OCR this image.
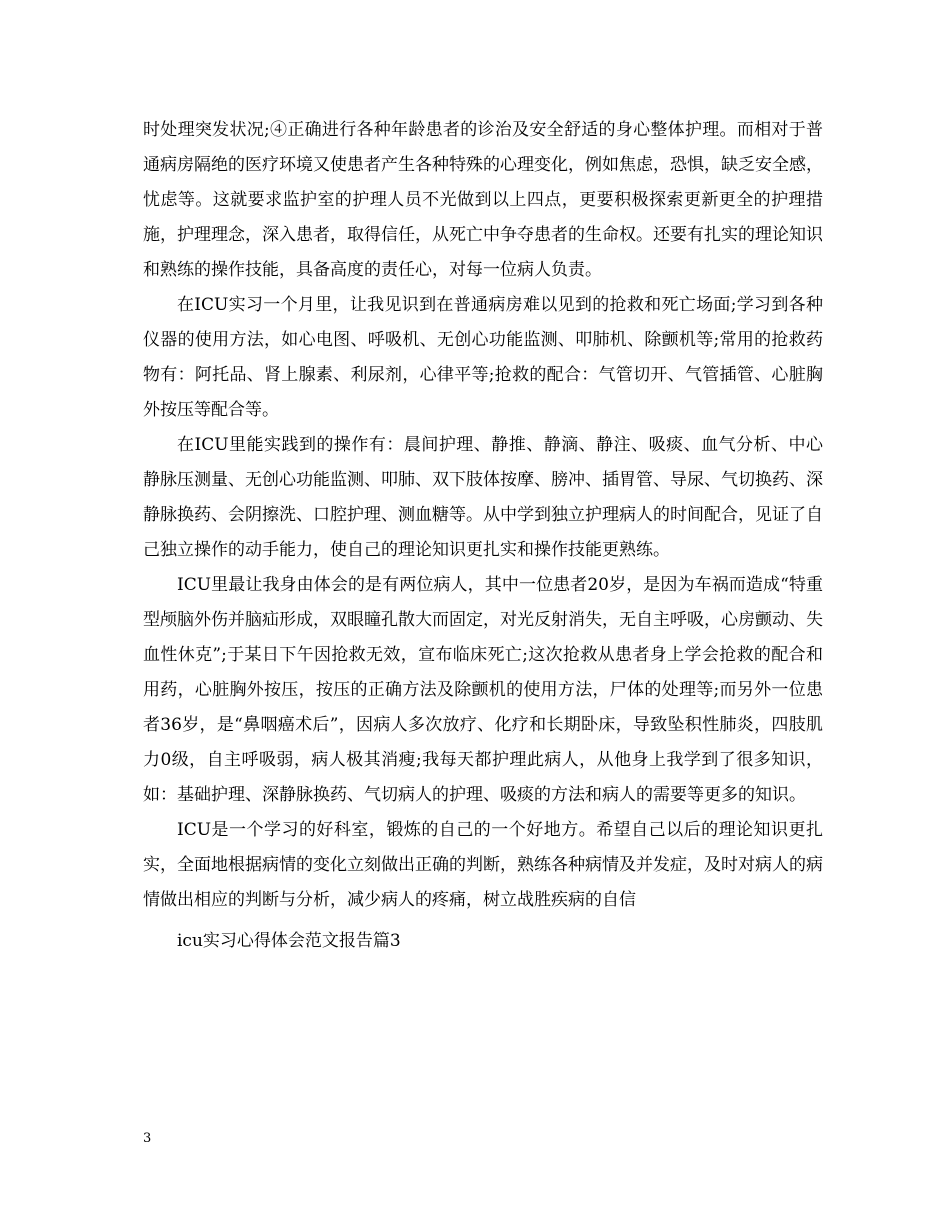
时处理突发状况;④正确进行各种年龄患者的诊治及安全舒适的身心整体护理。而相对于普通病房隔绝的医疗环境又使患者产生各种特殊的心理变化，例如焦虑，恐惧，缺乏安全感，忧虑等。这就要求监护室的护理人员不光做到以上四点，更要积极探索更新更全的护理措施，护理理念，深入患者，取得信任，从死亡中争夺患者的生命权。还要有扎实的理论知识和熟练的操作技能，具备高度的责任心，对每一位病人负责。

在ICU实习一个月里，让我见识到在普通病房难以见到的抢救和死亡场面;学习到各种仪器的使用方法，如心电图、呼吸机、无创心功能监测、叩肺机、除颤机等;常用的抢救药物有：阿托品、肾上腺素、利尿剂，心律平等;抢救的配合：气管切开、气管插管、心脏胸外按压等配合等。

在ICU里能实践到的操作有：晨间护理、静推、静滴、静注、吸痰、血气分析、中心静脉压测量、无创心功能监测、叩肺、双下肢体按摩、膀冲、插胃管、导尿、气切换药、深静脉换药、会阴擦洗、口腔护理、测血糖等。从中学到独立护理病人的时间配合，见证了自己独立操作的动手能力，使自己的理论知识更扎实和操作技能更熟练。

ICU里最让我身由体会的是有两位病人，其中一位患者20岁，是因为车祸而造成“特重型颅脑外伤并脑疝形成，双眼瞳孔散大而固定，对光反射消失，无自主呼吸，心房颤动、失血性休克”;于某日下午因抢救无效，宣布临床死亡;这次抢救从患者身上学会抢救的配合和用药，心脏胸外按压，按压的正确方法及除颤机的使用方法，尸体的处理等;而另外一位患者36岁，是“鼻咽癌术后”，因病人多次放疗、化疗和长期卧床，导致坠积性肺炎，四肢肌力0级，自主呼吸弱，病人极其消瘦;我每天都护理此病人，从他身上我学到了很多知识，如：基础护理、深静脉换药、气切病人的护理、吸痰的方法和病人的需要等更多的知识。

ICU是一个学习的好科室，锻炼的自己的一个好地方。希望自己以后的理论知识更扎实，全面地根据病情的变化立刻做出正确的判断，熟练各种病情及并发症，及时对病人的病情做出相应的判断与分析，减少病人的疼痛，树立战胜疾病的自信

icu实习心得体会范文报告篇3

3
